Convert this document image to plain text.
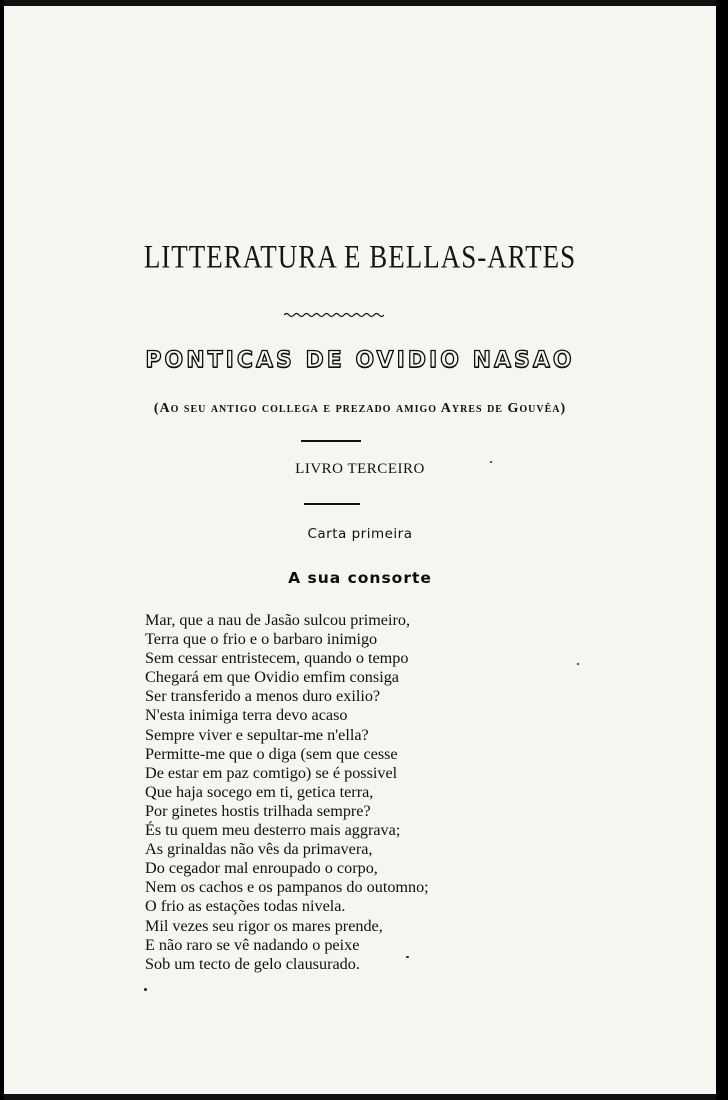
LITTERATURA E BELLAS-ARTES
PONTICAS DE OVIDIO NASAO
(Ao seu antigo collega e prezado amigo Ayres de Gouvêa)
LIVRO TERCEIRO
Carta primeira
A sua consorte
Mar, que a nau de Jasão sulcou primeiro,
Terra que o frio e o barbaro inimigo
Sem cessar entristecem, quando o tempo
Chegará em que Ovidio emfim consiga
Ser transferido a menos duro exilio?
N'esta inimiga terra devo acaso
Sempre viver e sepultar-me n'ella?
Permitte-me que o diga (sem que cesse
De estar em paz comtigo) se é possivel
Que haja socego em ti, getica terra,
Por ginetes hostis trilhada sempre?
És tu quem meu desterro mais aggrava;
As grinaldas não vês da primavera,
Do cegador mal enroupado o corpo,
Nem os cachos e os pampanos do outomno;
O frio as estações todas nivela.
Mil vezes seu rigor os mares prende,
E não raro se vê nadando o peixe
Sob um tecto de gelo clausurado.
